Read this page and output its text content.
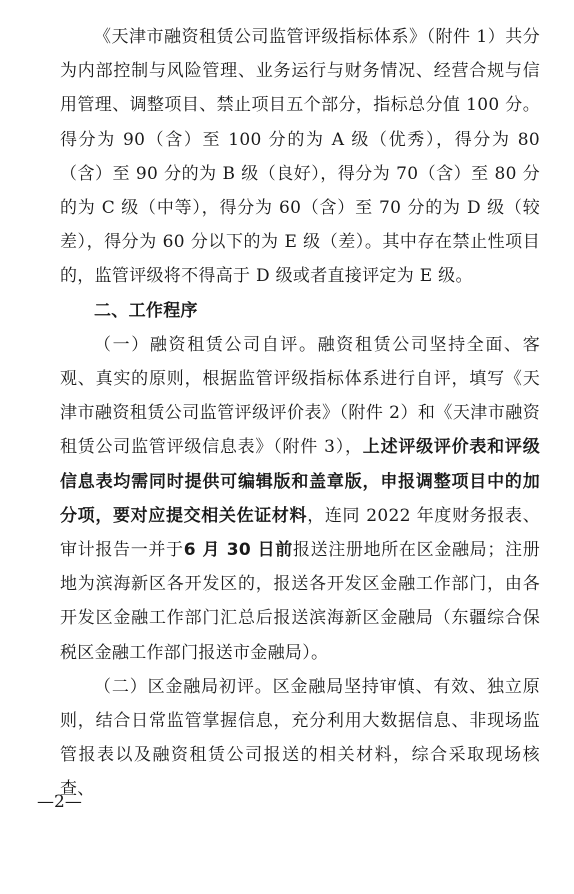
《天津市融资租赁公司监管评级指标体系》（附件 1）共分为内部控制与风险管理、业务运行与财务情况、经营合规与信用管理、调整项目、禁止项目五个部分，指标总分值 100 分。得分为 90（含）至 100 分的为 A 级（优秀），得分为 80（含）至 90 分的为 B 级（良好），得分为 70（含）至 80 分的为 C 级（中等），得分为 60（含）至 70 分的为 D 级（较差），得分为 60 分以下的为 E 级（差）。其中存在禁止性项目的，监管评级将不得高于 D 级或者直接评定为 E 级。

二、工作程序

（一）融资租赁公司自评。融资租赁公司坚持全面、客观、真实的原则，根据监管评级指标体系进行自评，填写《天津市融资租赁公司监管评级评价表》（附件 2）和《天津市融资租赁公司监管评级信息表》（附件 3），上述评级评价表和评级信息表均需同时提供可编辑版和盖章版，申报调整项目中的加分项，要对应提交相关佐证材料，连同 2022 年度财务报表、审计报告一并于6 月 30 日前报送注册地所在区金融局；注册地为滨海新区各开发区的，报送各开发区金融工作部门，由各开发区金融工作部门汇总后报送滨海新区金融局（东疆综合保税区金融工作部门报送市金融局）。

（二）区金融局初评。区金融局坚持审慎、有效、独立原则，结合日常监管掌握信息，充分利用大数据信息、非现场监管报表以及融资租赁公司报送的相关材料，综合采取现场核查、

—2—
